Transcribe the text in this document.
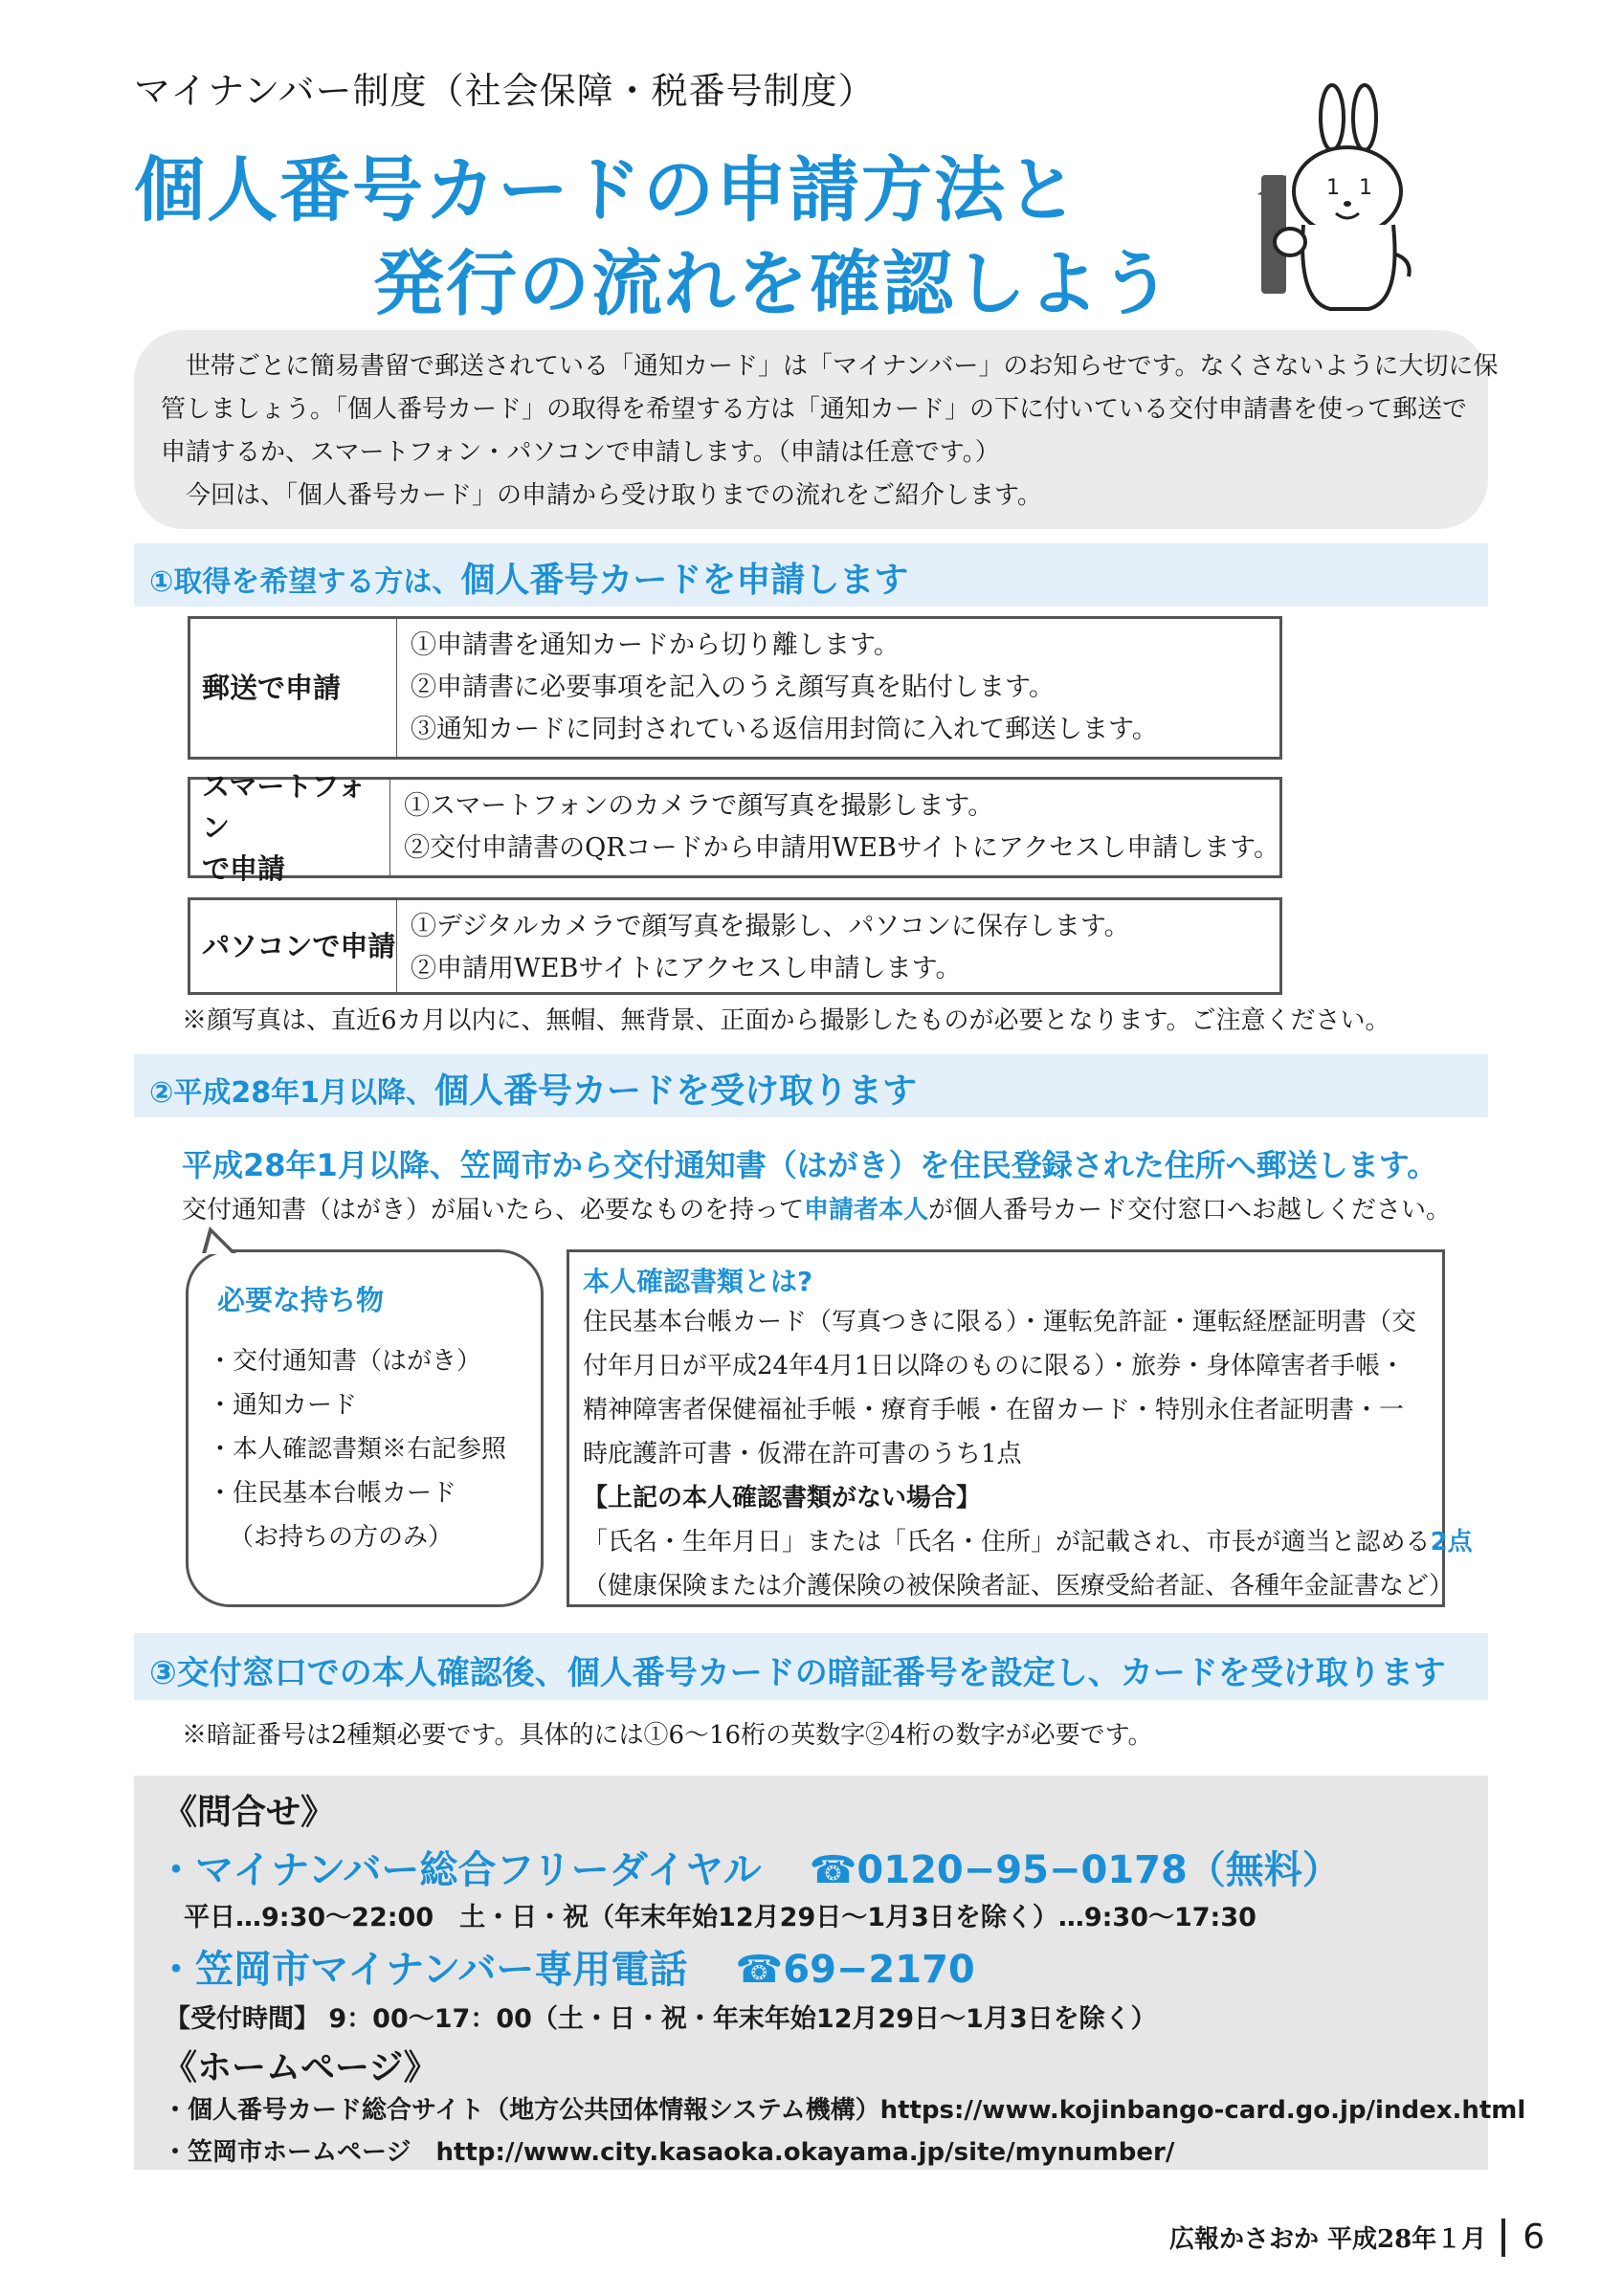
マイナンバー制度（社会保障・税番号制度）
個人番号カードの申請方法と
発行の流れを確認しよう
1 1

　世帯ごとに簡易書留で郵送されている「通知カード」は「マイナンバー」のお知らせです。なくさないように大切に保

管しましょう。「個人番号カード」の取得を希望する方は「通知カード」の下に付いている交付申請書を使って郵送で

申請するか、スマートフォン・パソコンで申請します。（申請は任意です。）

　今回は、「個人番号カード」の申請から受け取りまでの流れをご紹介します。

①取得を希望する方は、個人番号カードを申請します
郵送で申請
①申請書を通知カードから切り離します。
②申請書に必要事項を記入のうえ顔写真を貼付します。
③通知カードに同封されている返信用封筒に入れて郵送します。
スマートフォン
で申請
①スマートフォンのカメラで顔写真を撮影します。
②交付申請書のQRコードから申請用WEBサイトにアクセスし申請します。
パソコンで申請
①デジタルカメラで顔写真を撮影し、パソコンに保存します。
②申請用WEBサイトにアクセスし申請します。
※顔写真は、直近6カ月以内に、無帽、無背景、正面から撮影したものが必要となります。ご注意ください。
②平成28年1月以降、個人番号カードを受け取ります
平成28年1月以降、笠岡市から交付通知書（はがき）を住民登録された住所へ郵送します。
交付通知書（はがき）が届いたら、必要なものを持って申請者本人が個人番号カード交付窓口へお越しください。
必要な持ち物
・交付通知書（はがき）
・通知カード
・本人確認書類※右記参照
・住民基本台帳カード
（お持ちの方のみ）
本人確認書類とは?
住民基本台帳カード（写真つきに限る）・運転免許証・運転経歴証明書（交
付年月日が平成24年4月1日以降のものに限る）・旅券・身体障害者手帳・
精神障害者保健福祉手帳・療育手帳・在留カード・特別永住者証明書・一
時庇護許可書・仮滞在許可書のうち1点
【上記の本人確認書類がない場合】
「氏名・生年月日」または「氏名・住所」が記載され、市長が適当と認める2点
（健康保険または介護保険の被保険者証、医療受給者証、各種年金証書など）
③交付窓口での本人確認後、個人番号カードの暗証番号を設定し、カードを受け取ります
※暗証番号は2種類必要です。具体的には①6～16桁の英数字②4桁の数字が必要です。
《問合せ》
・マイナンバー総合フリーダイヤル ☎0120−95−0178（無料）
平日…9:30～22:00　土・日・祝（年末年始12月29日～1月3日を除く）…9:30～17:30
・笠岡市マイナンバー専用電話 ☎69−2170
【受付時間】 9：00～17：00（土・日・祝・年末年始12月29日～1月3日を除く）
《ホームページ》
・個人番号カード総合サイト（地方公共団体情報システム機構）https://www.kojinbango-card.go.jp/index.html
・笠岡市ホームページ　http://www.city.kasaoka.okayama.jp/site/mynumber/
広報かさおか 平成28年１月 6
